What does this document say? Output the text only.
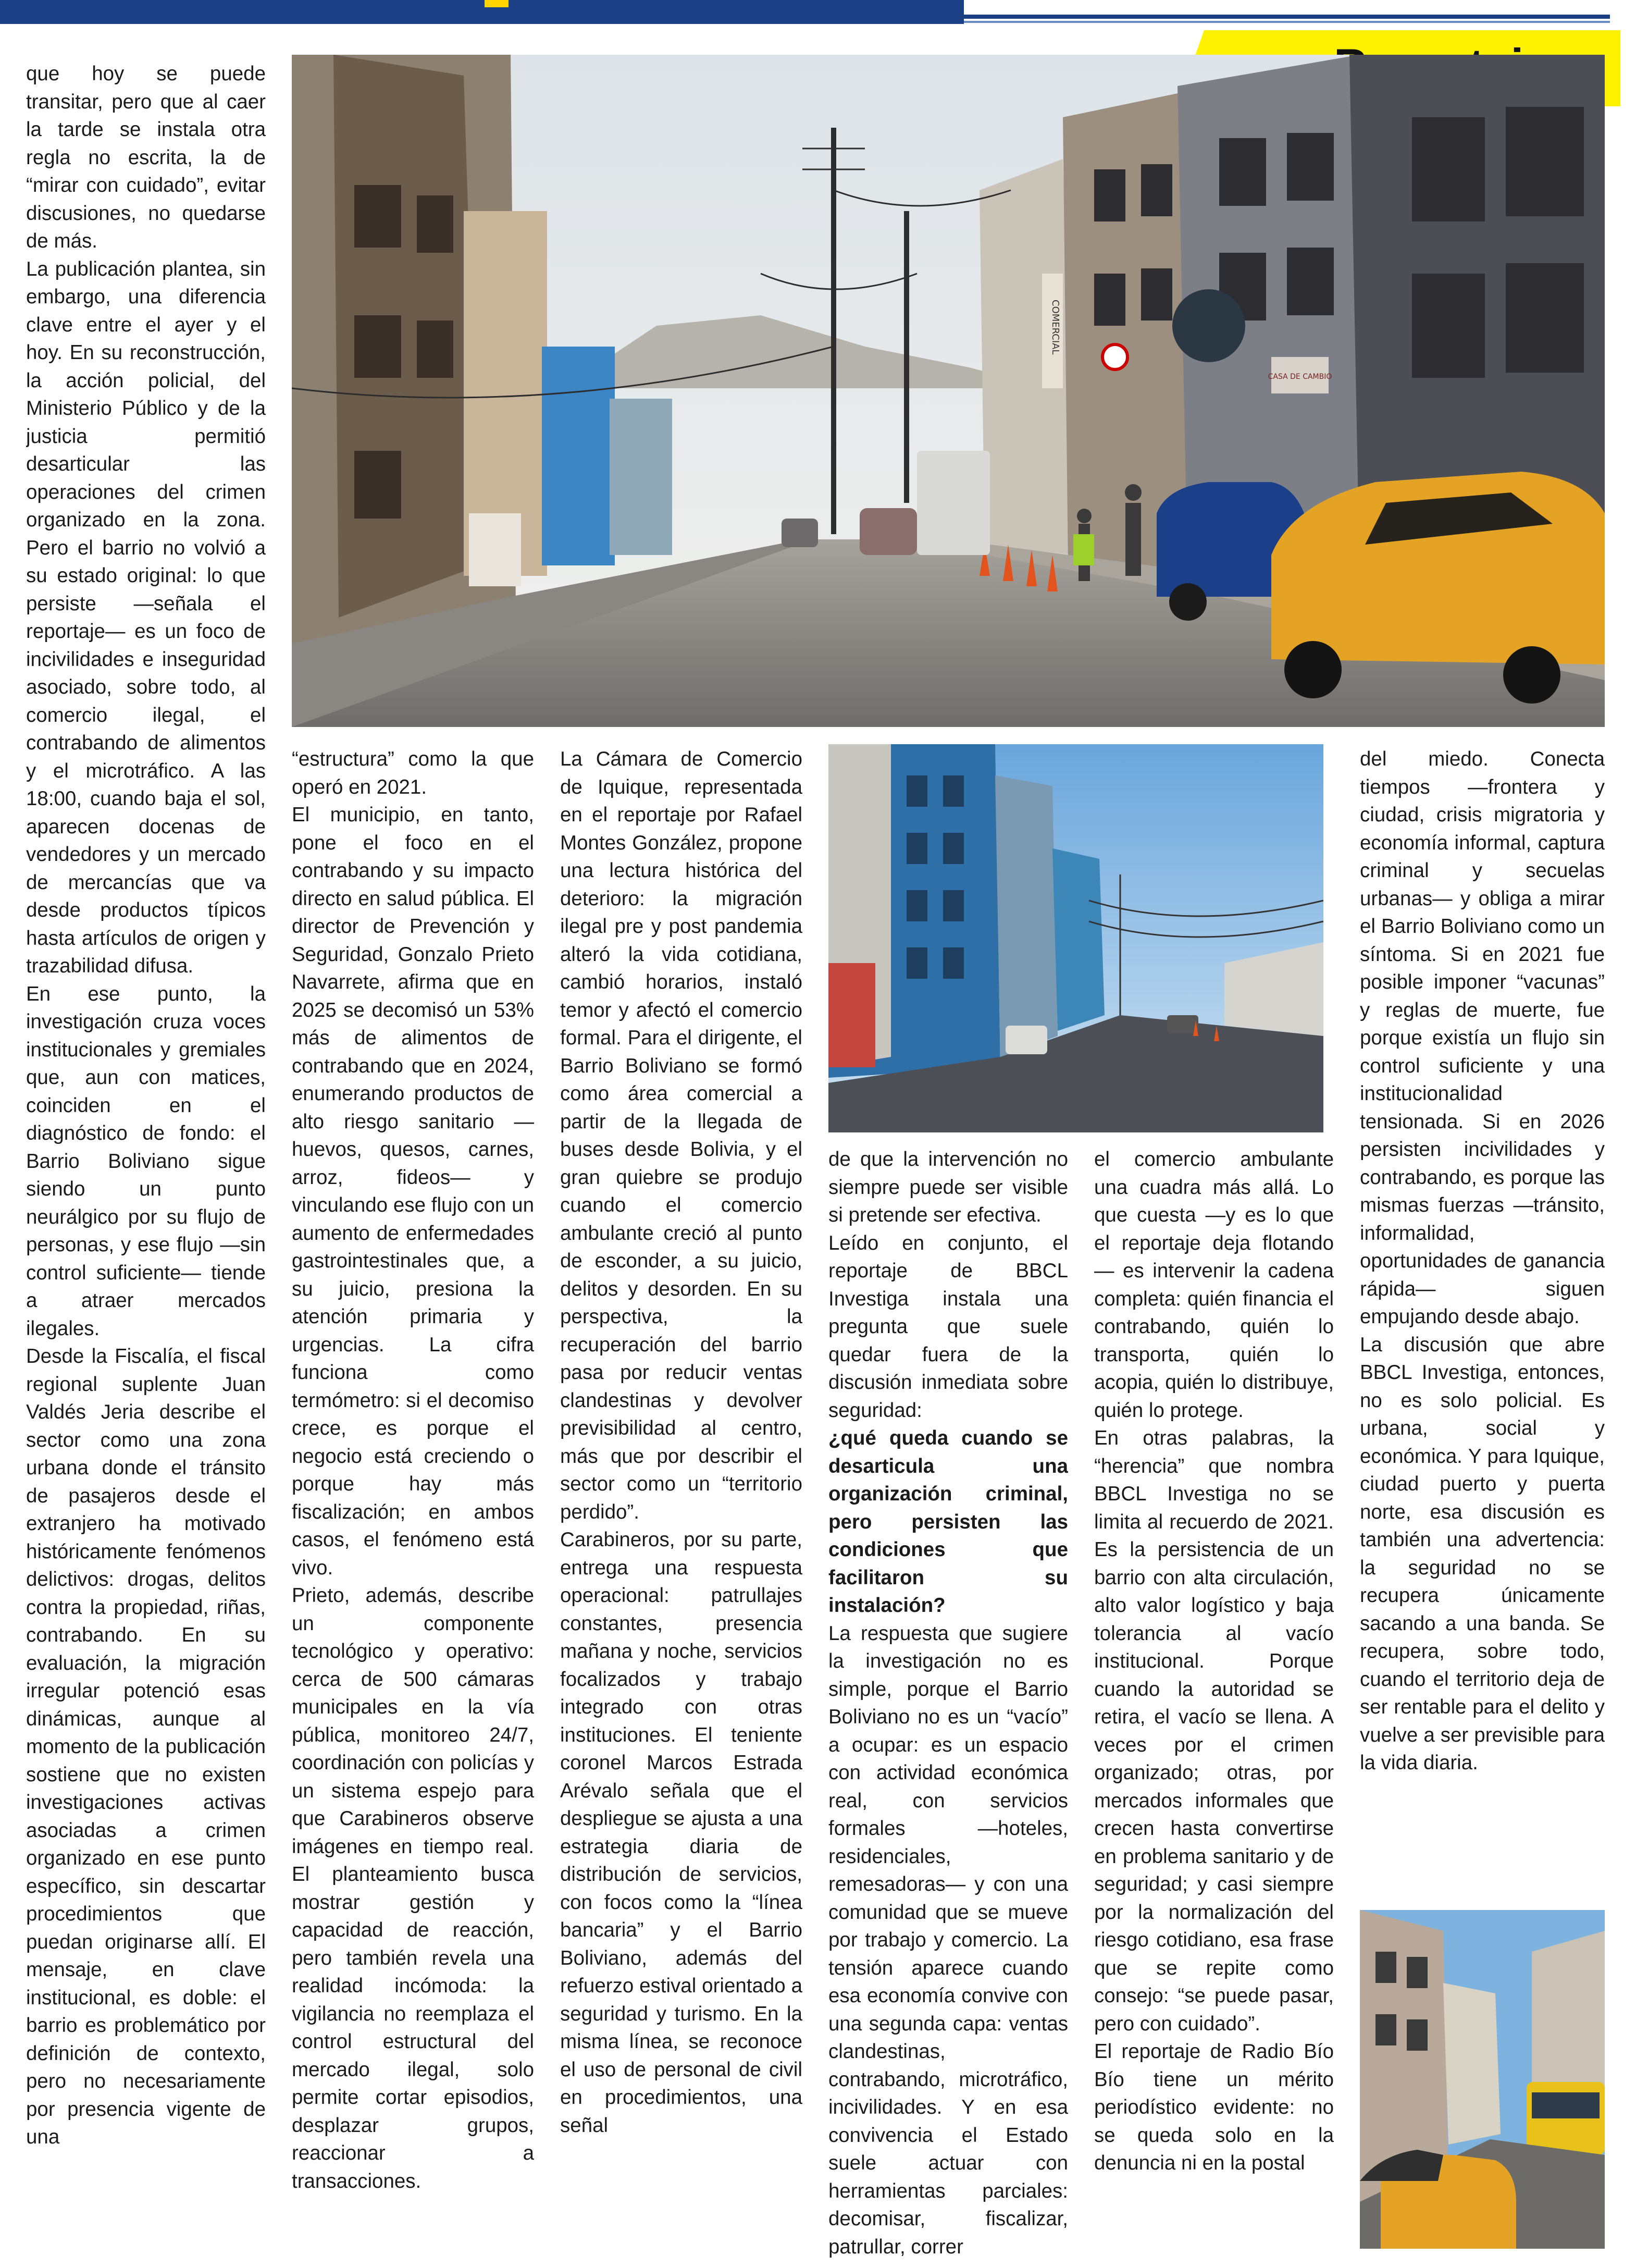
COMERCIAL
CASA DE CAMBIO

que hoy se puede transitar, pero que al caer la tarde se instala otra regla no escrita, la de “mirar con cuidado”, evitar discusiones, no quedarse de más.

La publicación plantea, sin embargo, una diferencia clave entre el ayer y el hoy. En su reconstrucción, la acción policial, del Ministerio Público y de la justicia permitió desarticular las operaciones del crimen organizado en la zona. Pero el barrio no volvió a su estado original: lo que persiste —señala el reportaje— es un foco de incivilidades e inseguridad asociado, sobre todo, al comercio ilegal, el contrabando de alimentos y el microtráfico. A las 18:00, cuando baja el sol, aparecen docenas de vendedores y un mercado de mercancías que va desde productos típicos hasta artículos de origen y trazabilidad difusa.

En ese punto, la investigación cruza voces institucionales y gremiales que, aun con matices, coinciden en el diagnóstico de fondo: el Barrio Boliviano sigue siendo un punto neurálgico por su flujo de personas, y ese flujo —sin control suficiente— tiende a atraer mercados ilegales.

Desde la Fiscalía, el fiscal regional suplente Juan Valdés Jeria describe el sector como una zona urbana donde el tránsito de pasajeros desde el extranjero ha motivado históricamente fenómenos delictivos: drogas, delitos contra la propiedad, riñas, contrabando. En su evaluación, la migración irregular potenció esas dinámicas, aunque al momento de la publicación sostiene que no existen investigaciones activas asociadas a crimen organizado en ese punto específico, sin descartar procedimientos que puedan originarse allí. El mensaje, en clave institucional, es doble: el barrio es problemático por definición de contexto, pero no necesariamente por presencia vigente de una

“estructura” como la que operó en 2021.

El municipio, en tanto, pone el foco en el contrabando y su impacto directo en salud pública. El director de Prevención y Seguridad, Gonzalo Prieto Navarrete, afirma que en 2025 se decomisó un 53% más de alimentos de contrabando que en 2024, enumerando productos de alto riesgo sanitario —huevos, quesos, carnes, arroz, fideos— y vinculando ese flujo con un aumento de enfermedades gastrointestinales que, a su juicio, presiona la atención primaria y urgencias. La cifra funciona como termómetro: si el decomiso crece, es porque el negocio está creciendo o porque hay más fiscalización; en ambos casos, el fenómeno está vivo.

Prieto, además, describe un componente tecnológico y operativo: cerca de 500 cámaras municipales en la vía pública, monitoreo 24/7, coordinación con policías y un sistema espejo para que Carabineros observe imágenes en tiempo real. El planteamiento busca mostrar gestión y capacidad de reacción, pero también revela una realidad incómoda: la vigilancia no reemplaza el control estructural del mercado ilegal, solo permite cortar episodios, desplazar grupos, reaccionar a transacciones.

La Cámara de Comercio de Iquique, representada en el reportaje por Rafael Montes González, propone una lectura histórica del deterioro: la migración ilegal pre y post pandemia alteró la vida cotidiana, cambió horarios, instaló temor y afectó el comercio formal. Para el dirigente, el Barrio Boliviano se formó como área comercial a partir de la llegada de buses desde Bolivia, y el gran quiebre se produjo cuando el comercio ambulante creció al punto de esconder, a su juicio, delitos y desorden. En su perspectiva, la recuperación del barrio pasa por reducir ventas clandestinas y devolver previsibilidad al centro, más que por describir el sector como un “territorio perdido”.

Carabineros, por su parte, entrega una respuesta operacional: patrullajes constantes, presencia mañana y noche, servicios focalizados y trabajo integrado con otras instituciones. El teniente coronel Marcos Estrada Arévalo señala que el despliegue se ajusta a una estrategia diaria de distribución de servicios, con focos como la “línea bancaria” y el Barrio Boliviano, además del refuerzo estival orientado a seguridad y turismo. En la misma línea, se reconoce el uso de personal de civil en procedimientos, una señal

de que la intervención no siempre puede ser visible si pretende ser efectiva.

Leído en conjunto, el reportaje de BBCL Investiga instala una pregunta que suele quedar fuera de la discusión inmediata sobre seguridad:

¿qué queda cuando se desarticula una organización criminal, pero persisten las condiciones que facilitaron su instalación?

La respuesta que sugiere la investigación no es simple, porque el Barrio Boliviano no es un “vacío” a ocupar: es un espacio con actividad económica real, con servicios formales —hoteles, residenciales, remesadoras— y con una comunidad que se mueve por trabajo y comercio. La tensión aparece cuando esa economía convive con una segunda capa: ventas clandestinas, contrabando, microtráfico, incivilidades. Y en esa convivencia el Estado suele actuar con herramientas parciales: decomisar, fiscalizar, patrullar, correr

el comercio ambulante una cuadra más allá. Lo que cuesta —y es lo que el reportaje deja flotando— es intervenir la cadena completa: quién financia el contrabando, quién lo transporta, quién lo acopia, quién lo distribuye, quién lo protege.

En otras palabras, la “herencia” que nombra BBCL Investiga no se limita al recuerdo de 2021. Es la persistencia de un barrio con alta circulación, alto valor logístico y baja tolerancia al vacío institucional. Porque cuando la autoridad se retira, el vacío se llena. A veces por el crimen organizado; otras, por mercados informales que crecen hasta convertirse en problema sanitario y de seguridad; y casi siempre por la normalización del riesgo cotidiano, esa frase que se repite como consejo: “se puede pasar, pero con cuidado”.

El reportaje de Radio Bío Bío tiene un mérito periodístico evidente: no se queda solo en la denuncia ni en la postal

del miedo. Conecta tiempos —frontera y ciudad, crisis migratoria y economía informal, captura criminal y secuelas urbanas— y obliga a mirar el Barrio Boliviano como un síntoma. Si en 2021 fue posible imponer “vacunas” y reglas de muerte, fue porque existía un flujo sin control suficiente y una institucionalidad tensionada. Si en 2026 persisten incivilidades y contrabando, es porque las mismas fuerzas —tránsito, informalidad, oportunidades de ganancia rápida— siguen empujando desde abajo.

La discusión que abre BBCL Investiga, entonces, no es solo policial. Es urbana, social y económica. Y para Iquique, ciudad puerto y puerta norte, esa discusión es también una advertencia: la seguridad no se recupera únicamente sacando a una banda. Se recupera, sobre todo, cuando el territorio deja de ser rentable para el delito y vuelve a ser previsible para la vida diaria.
